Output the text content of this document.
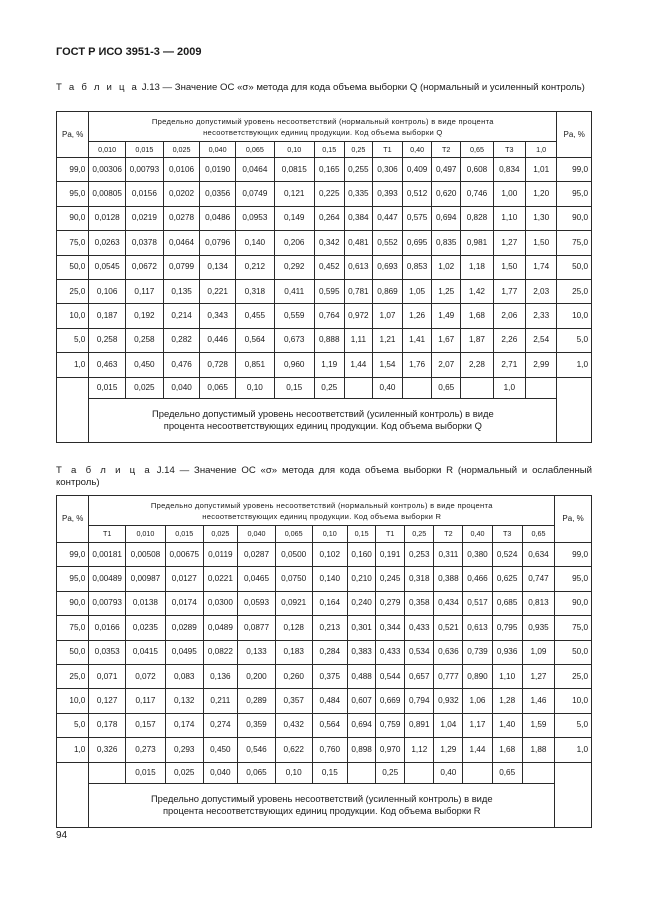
ГОСТ Р ИСО 3951-3 — 2009
Т а б л и ц а J.13 — Значение ОС «σ» метода для кода объема выборки Q (нормальный и усиленный контроль)
Pa, %	Предельно допустимый уровень несоответствий (нормальный контроль) в виде процента несоответствующих единиц продукции. Код объема выборки Q														Pa, %
	0,010	0,015	0,025	0,040	0,065	0,10	0,15	0,25	T1	0,40	T2	0,65	T3	1,0	
99,0	0,00306	0,00793	0,0106	0,0190	0,0464	0,0815	0,165	0,255	0,306	0,409	0,497	0,608	0,834	1,01	99,0
95,0	0,00805	0,0156	0,0202	0,0356	0,0749	0,121	0,225	0,335	0,393	0,512	0,620	0,746	1,00	1,20	95,0
90,0	0,0128	0,0219	0,0278	0,0486	0,0953	0,149	0,264	0,384	0,447	0,575	0,694	0,828	1,10	1,30	90,0
75,0	0,0263	0,0378	0,0464	0,0796	0,140	0,206	0,342	0,481	0,552	0,695	0,835	0,981	1,27	1,50	75,0
50,0	0,0545	0,0672	0,0799	0,134	0,212	0,292	0,452	0,613	0,693	0,853	1,02	1,18	1,50	1,74	50,0
25,0	0,106	0,117	0,135	0,221	0,318	0,411	0,595	0,781	0,869	1,05	1,25	1,42	1,77	2,03	25,0
10,0	0,187	0,192	0,214	0,343	0,455	0,559	0,764	0,972	1,07	1,26	1,49	1,68	2,06	2,33	10,0
5,0	0,258	0,258	0,282	0,446	0,564	0,673	0,888	1,11	1,21	1,41	1,67	1,87	2,26	2,54	5,0
1,0	0,463	0,450	0,476	0,728	0,851	0,960	1,19	1,44	1,54	1,76	2,07	2,28	2,71	2,99	1,0
	0,015	0,025	0,040	0,065	0,10	0,15	0,25		0,40		0,65		1,0		
	Предельно допустимый уровень несоответствий (усиленный контроль) в виде процента несоответствующих единиц продукции. Код объема выборки Q														
Т а б л и ц а J.14 — Значение ОС «σ» метода для кода объема выборки R (нормальный и ослабленный контроль)
Pa, %	Предельно допустимый уровень несоответствий (нормальный контроль) в виде процента несоответствующих единиц продукции. Код объема выборки R														Pa, %
	T1	0,010	0,015	0,025	0,040	0,065	0,10	0,15	T1	0,25	T2	0,40	T3	0,65	
99,0	0,00181	0,00508	0,00675	0,0119	0,0287	0,0500	0,102	0,160	0,191	0,253	0,311	0,380	0,524	0,634	99,0
95,0	0,00489	0,00987	0,0127	0,0221	0,0465	0,0750	0,140	0,210	0,245	0,318	0,388	0,466	0,625	0,747	95,0
90,0	0,00793	0,0138	0,0174	0,0300	0,0593	0,0921	0,164	0,240	0,279	0,358	0,434	0,517	0,685	0,813	90,0
75,0	0,0166	0,0235	0,0289	0,0489	0,0877	0,128	0,213	0,301	0,344	0,433	0,521	0,613	0,795	0,935	75,0
50,0	0,0353	0,0415	0,0495	0,0822	0,133	0,183	0,284	0,383	0,433	0,534	0,636	0,739	0,936	1,09	50,0
25,0	0,071	0,072	0,083	0,136	0,200	0,260	0,375	0,488	0,544	0,657	0,777	0,890	1,10	1,27	25,0
10,0	0,127	0,117	0,132	0,211	0,289	0,357	0,484	0,607	0,669	0,794	0,932	1,06	1,28	1,46	10,0
5,0	0,178	0,157	0,174	0,274	0,359	0,432	0,564	0,694	0,759	0,891	1,04	1,17	1,40	1,59	5,0
1,0	0,326	0,273	0,293	0,450	0,546	0,622	0,760	0,898	0,970	1,12	1,29	1,44	1,68	1,88	1,0
		0,015	0,025	0,040	0,065	0,10	0,15		0,25		0,40		0,65		
	Предельно допустимый уровень несоответствий (усиленный контроль) в виде процента несоответствующих единиц продукции. Код объема выборки R														
94
